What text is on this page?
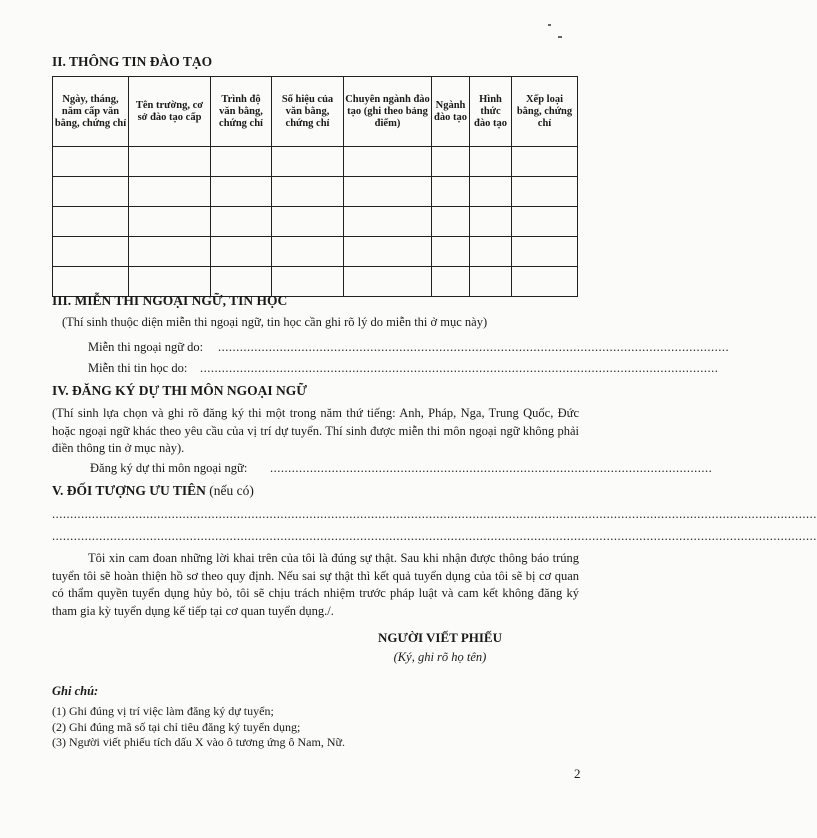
II. THÔNG TIN ĐÀO TẠO
Ngày, tháng, năm cấp văn bằng, chứng chỉ	Tên trường, cơ sở đào tạo cấp	Trình độ văn bằng, chứng chỉ	Số hiệu của văn bằng, chứng chỉ	Chuyên ngành đào tạo (ghi theo bảng điểm)	Ngành đào tạo	Hình thức đào tạo	Xếp loại bằng, chứng chỉ

III. MIỄN THI NGOẠI NGỮ, TIN HỌC
(Thí sinh thuộc diện miễn thi ngoại ngữ, tin học cần ghi rõ lý do miễn thi ở mục này)
Miễn thi ngoại ngữ do: .............................................................................................................................................
Miễn thi tin học do: ...............................................................................................................................................
IV. ĐĂNG KÝ DỰ THI MÔN NGOẠI NGỮ
(Thí sinh lựa chọn và ghi rõ đăng ký thi một trong năm thứ tiếng: Anh, Pháp, Nga, Trung Quốc, Đức hoặc ngoại ngữ khác theo yêu cầu của vị trí dự tuyển. Thí sinh được miễn thi môn ngoại ngữ không phải điền thông tin ở mục này).
Đăng ký dự thi môn ngoại ngữ: ..........................................................................................................................
V. ĐỐI TƯỢNG ƯU TIÊN (nếu có)
...................................................................................................................................................................................................................
...................................................................................................................................................................................................................
Tôi xin cam đoan những lời khai trên của tôi là đúng sự thật. Sau khi nhận được thông báo trúng tuyển tôi sẽ hoàn thiện hồ sơ theo quy định. Nếu sai sự thật thì kết quả tuyển dụng của tôi sẽ bị cơ quan có thẩm quyền tuyển dụng hủy bỏ, tôi sẽ chịu trách nhiệm trước pháp luật và cam kết không đăng ký tham gia kỳ tuyển dụng kế tiếp tại cơ quan tuyển dụng./.
NGƯỜI VIẾT PHIẾU
(Ký, ghi rõ họ tên)
Ghi chú:
(1) Ghi đúng vị trí việc làm đăng ký dự tuyển;
(2) Ghi đúng mã số tại chỉ tiêu đăng ký tuyển dụng;
(3) Người viết phiếu tích dấu X vào ô tương ứng ô Nam, Nữ.
2
